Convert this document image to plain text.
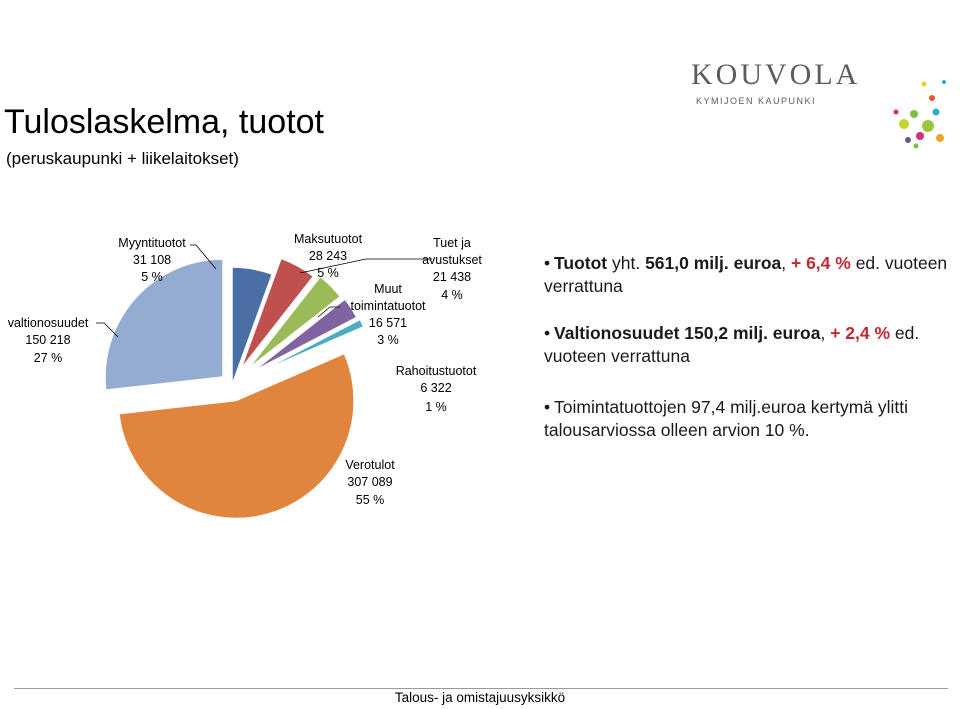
Tuloslaskelma, tuotot

(peruskaupunki + liikelaitokset)

KOUVOLA
KYMIJOEN KAUPUNKI
Myyntituotot
31 108
5 %
Maksutuotot
28 243
5 %
Tuet ja
avustukset
21 438
4 %
Muut
toimintatuotot
16 571
3 %
Rahoitustuotot
6 322
1 %
Verotulot
307 089
55 %
valtionosuudet
150 218
27 %
• Tuotot yht. 561,0 milj. euroa, + 6,4 % ed. vuoteen verrattuna
• Valtionosuudet 150,2 milj. euroa, + 2,4 % ed. vuoteen verrattuna
• Toimintatuottojen 97,4 milj.euroa kertymä ylitti talousarviossa olleen arvion 10 %.
Talous- ja omistajuusyksikkö
